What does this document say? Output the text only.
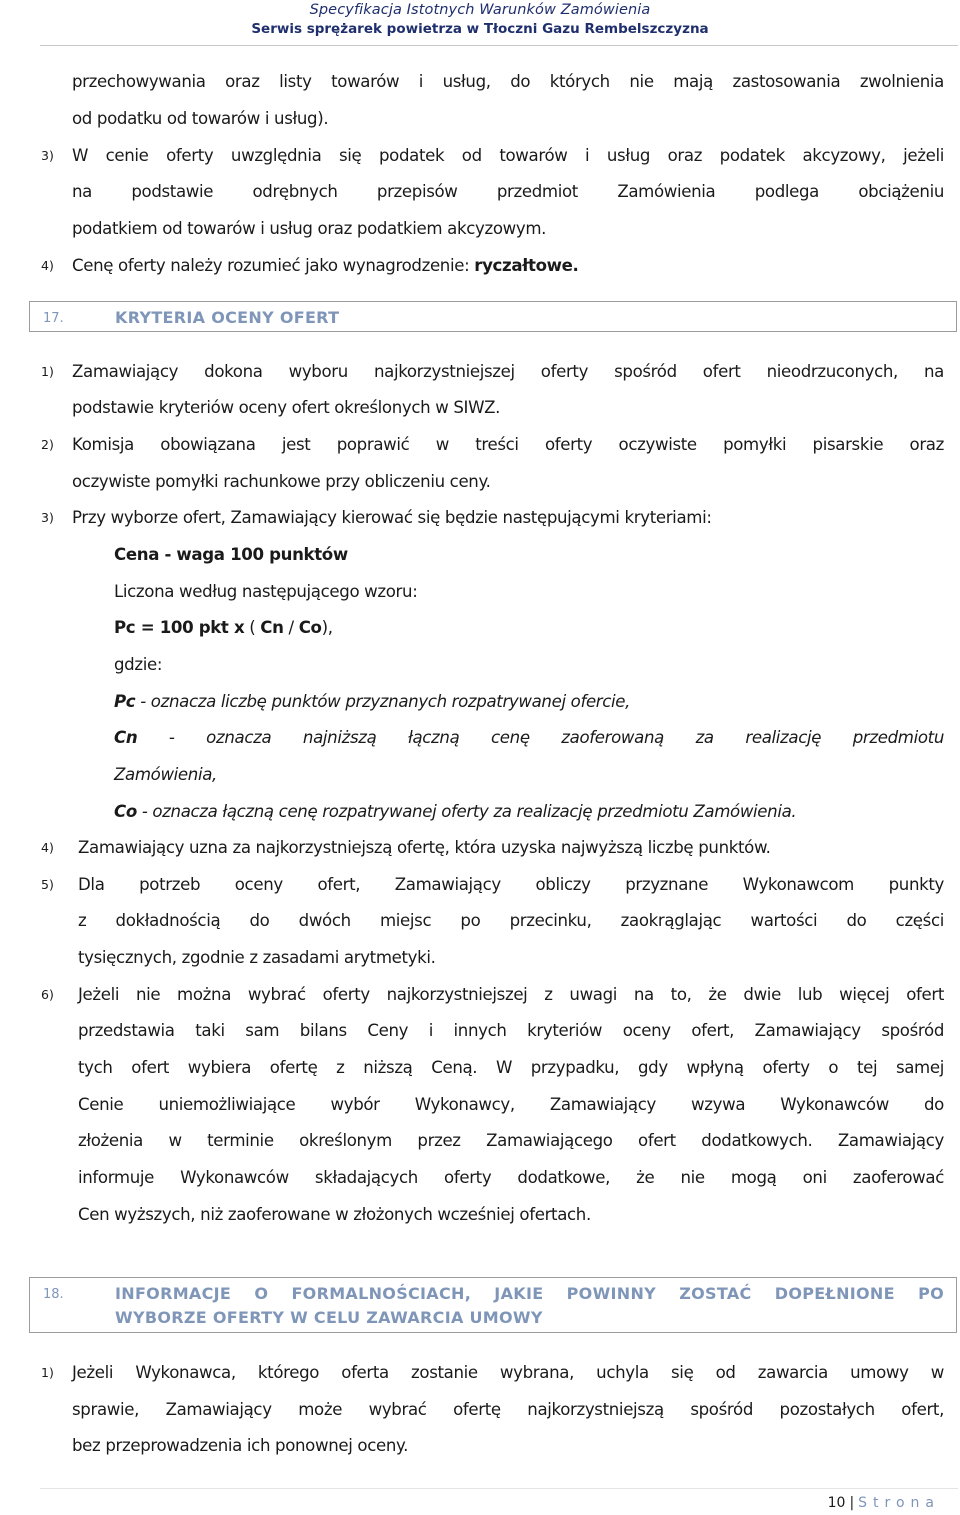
Specyfikacja Istotnych Warunków Zamówienia
Serwis sprężarek powietrza w Tłoczni Gazu Rembelszczyzna
przechowywania oraz listy towarów i usług, do których nie mają zastosowania zwolnienia
od podatku od towarów i usług).
3) W cenie oferty uwzględnia się podatek od towarów i usług oraz podatek akcyzowy, jeżeli
na podstawie odrębnych przepisów przedmiot Zamówienia podlega obciążeniu
podatkiem od towarów i usług oraz podatkiem akcyzowym.
4) Cenę oferty należy rozumieć jako wynagrodzenie: ryczałtowe.
17.	KRYTERIA OCENY OFERT
1) Zamawiający dokona wyboru najkorzystniejszej oferty spośród ofert nieodrzuconych, na
podstawie kryteriów oceny ofert określonych w SIWZ.
2) Komisja obowiązana jest poprawić w treści oferty oczywiste pomyłki pisarskie oraz
oczywiste pomyłki rachunkowe przy obliczeniu ceny.
3) Przy wyborze ofert, Zamawiający kierować się będzie następującymi kryteriami:
Cena - waga 100 punktów
Liczona według następującego wzoru:
Pc = 100 pkt x ( Cn / Co),
gdzie:
Pc - oznacza liczbę punktów przyznanych rozpatrywanej ofercie,
Cn - oznacza najniższą łączną cenę zaoferowaną za realizację przedmiotu
Zamówienia,
Co - oznacza łączną cenę rozpatrywanej oferty za realizację przedmiotu Zamówienia.
4) Zamawiający uzna za najkorzystniejszą ofertę, która uzyska najwyższą liczbę punktów.
5) Dla potrzeb oceny ofert, Zamawiający obliczy przyznane Wykonawcom punkty
z dokładnością do dwóch miejsc po przecinku, zaokrąglając wartości do części
tysięcznych, zgodnie z zasadami arytmetyki.
6) Jeżeli nie można wybrać oferty najkorzystniejszej z uwagi na to, że dwie lub więcej ofert
przedstawia taki sam bilans Ceny i innych kryteriów oceny ofert, Zamawiający spośród
tych ofert wybiera ofertę z niższą Ceną. W przypadku, gdy wpłyną oferty o tej samej
Cenie uniemożliwiające wybór Wykonawcy, Zamawiający wzywa Wykonawców do
złożenia w terminie określonym przez Zamawiającego ofert dodatkowych. Zamawiający
informuje Wykonawców składających oferty dodatkowe, że nie mogą oni zaoferować
Cen wyższych, niż zaoferowane w złożonych wcześniej ofertach.
18.	INFORMACJE O FORMALNOŚCIACH, JAKIE POWINNY ZOSTAĆ DOPEŁNIONE PO
WYBORZE OFERTY W CELU ZAWARCIA UMOWY
1) Jeżeli Wykonawca, którego oferta zostanie wybrana, uchyla się od zawarcia umowy w
sprawie, Zamawiający może wybrać ofertę najkorzystniejszą spośród pozostałych ofert,
bez przeprowadzenia ich ponownej oceny.
10 | Strona
